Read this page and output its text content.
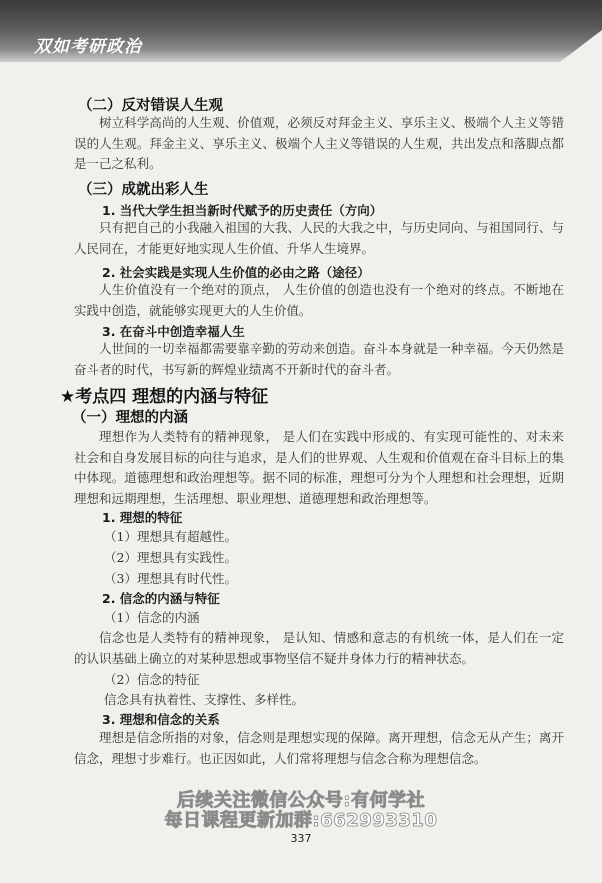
双如考研政治
（二）反对错误人生观
树立科学高尚的人生观、价值观，必须反对拜金主义、享乐主义、极端个人主义等错 误的人生观。拜金主义、享乐主义、极端个人主义等错误的人生观，共出发点和落脚点都 是一己之私利。
（三）成就出彩人生
1. 当代大学生担当新时代赋予的历史责任（方向）
只有把自己的小我融入祖国的大我、人民的大我之中，与历史同向、与祖国同行、与人民同在，才能更好地实现人生价值、升华人生境界。
2. 社会实践是实现人生价值的必由之路（途径）
人生价值没有一个绝对的顶点， 人生价值的创造也没有一个绝对的终点。不断地在实践中创造，就能够实现更大的人生价值。
3. 在奋斗中创造幸福人生
人世间的一切幸福都需要靠辛勤的劳动来创造。奋斗本身就是一种幸福。今天仍然是奋斗者的时代，书写新的辉煌业绩离不开新时代的奋斗者。
★考点四 理想的内涵与特征
（一）理想的内涵
理想作为人类特有的精神现象， 是人们在实践中形成的、有实现可能性的、对未来社会和自身发展目标的向往与追求，是人们的世界观、人生观和价值观在奋斗目标上的集中体现。道德理想和政治理想等。据不同的标准，理想可分为个人理想和社会理想，近期理想和远期理想，生活理想、职业理想、道德理想和政治理想等。
1. 理想的特征
（1）理想具有超越性。
（2）理想具有实践性。
（3）理想具有时代性。
2. 信念的内涵与特征
（1）信念的内涵
信念也是人类特有的精神现象， 是认知、情感和意志的有机统一体，是人们在一定的认识基础上确立的对某种思想或事物坚信不疑并身体力行的精神状态。
（2）信念的特征
信念具有执着性、支撑性、多样性。
3. 理想和信念的关系
理想是信念所指的对象，信念则是理想实现的保障。离开理想，信念无从产生；离开信念，理想寸步难行。也正因如此，人们常将理想与信念合称为理想信念。
后续关注微信公众号:有何学社
每日课程更新加群:662993310
337
